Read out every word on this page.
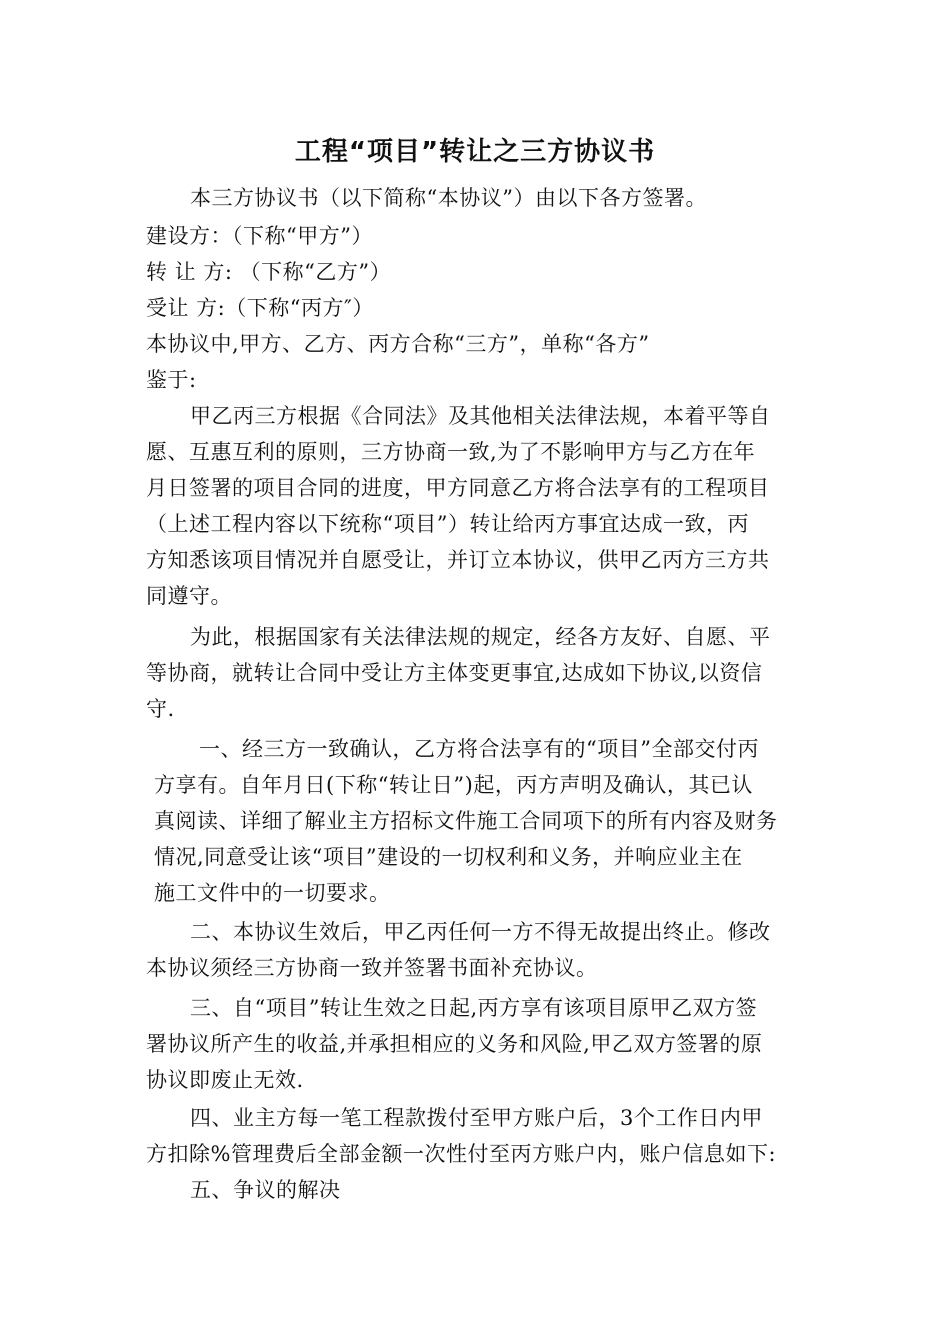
工程“项目”转让之三方协议书
本三方协议书（以下简称“本协议”）由以下各方签署。
建设方：（下称“甲方”）
转 让 方: （下称“乙方”）
受让 方:（下称“丙方″）
本协议中,甲方、乙方、丙方合称“三方”，单称“各方”
鉴于:
甲乙丙三方根据《合同法》及其他相关法律法规，本着平等自
愿、互惠互利的原则，三方协商一致,为了不影响甲方与乙方在年
月日签署的项目合同的进度，甲方同意乙方将合法享有的工程项目
（上述工程内容以下统称“项目”）转让给丙方事宜达成一致，丙
方知悉该项目情况并自愿受让，并订立本协议，供甲乙丙方三方共
同遵守。
为此，根据国家有关法律法规的规定，经各方友好、自愿、平
等协商，就转让合同中受让方主体变更事宜,达成如下协议,以资信
守.
一、经三方一致确认，乙方将合法享有的“项目”全部交付丙
方享有。自年月日(下称“转让日”)起，丙方声明及确认，其已认
真阅读、详细了解业主方招标文件施工合同项下的所有内容及财务
情况,同意受让该“项目”建设的一切权利和义务，并响应业主在
施工文件中的一切要求。
二、本协议生效后，甲乙丙任何一方不得无故提出终止。修改
本协议须经三方协商一致并签署书面补充协议。
三、自“项目”转让生效之日起,丙方享有该项目原甲乙双方签
署协议所产生的收益,并承担相应的义务和风险,甲乙双方签署的原
协议即废止无效.
四、业主方每一笔工程款拨付至甲方账户后，3个工作日内甲
方扣除%管理费后全部金额一次性付至丙方账户内，账户信息如下:
五、争议的解决
